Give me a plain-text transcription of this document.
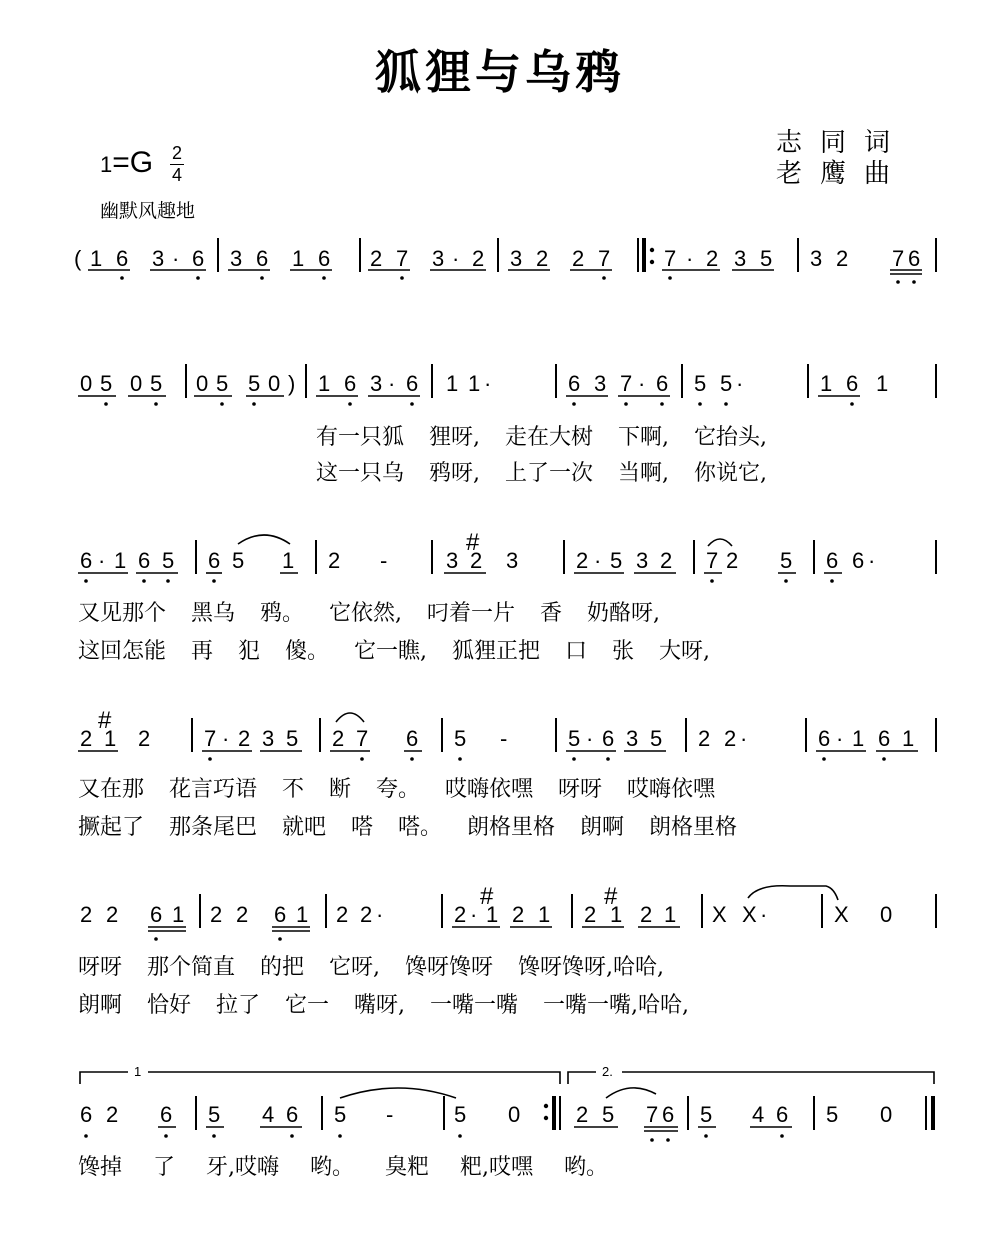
狐狸与乌鸦
志同词
老鹰曲
1=G 2
4
幽默风趣地
( 1 6 3 · 6 3 6 1 6 2 7 3 · 2 3 2 2 7 7 · 2 3 5 3 2 7 6
0 5 0 5 0 5 5 0 ) 1 6 3 · 6 1 1 ·	6 3 7 · 6 5 5 ·	1 6 1
6 · 1 6 5 6 5 1 2 -	3
#
2 3	2 · 5 3 2 7 2 5 6 6 ·
2
#
1 2 7 · 2 3 5 2 7 6 5 -	5 · 6 3 5 2 2 ·	6 · 1 6 1
2 2 6 1 2 2 6 1 2 2 ·	2 ·
#
1 2 1 2
#
1 2 1 X X ·	X 0
1	2.
6 2 6 5 4 6 5 -	5 0	2 5 7 6 5 4 6 5 0
有一只狐 狸呀, 走在大树 下啊, 它抬头,
这一只乌 鸦呀, 上了一次 当啊, 你说它,
又见那个 黑乌 鸦。 它依然, 叼着一片 香 奶酪呀,
这回怎能 再 犯 傻。 它一瞧, 狐狸正把 口 张 大呀,
又在那 花言巧语 不 断 夸。 哎嗨依嘿 呀呀 哎嗨依嘿
撅起了 那条尾巴 就吧 嗒 嗒。 朗格里格 朗啊 朗格里格
呀呀 那个简直 的把 它呀, 馋呀馋呀 馋呀馋呀,哈哈,
朗啊 恰好 拉了 它一 嘴呀, 一嘴一嘴 一嘴一嘴,哈哈,
馋掉 了 牙,哎嗨 哟。 臭粑 粑,哎嘿 哟。
